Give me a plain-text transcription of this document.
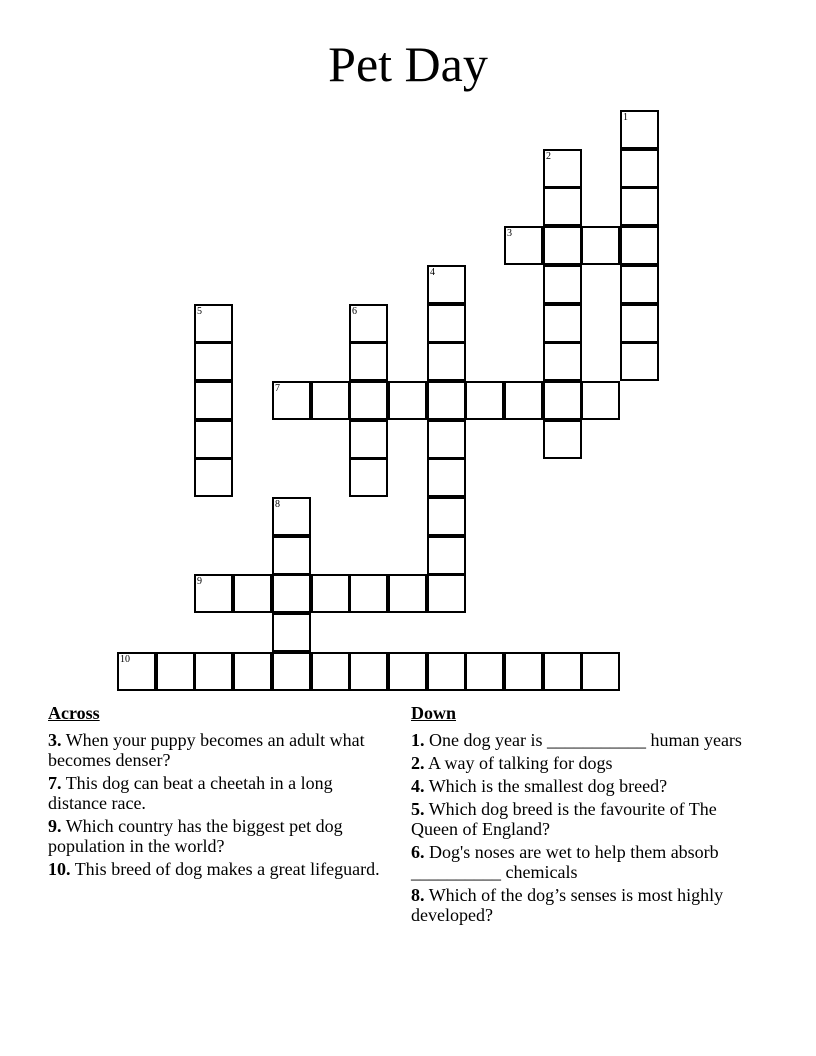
Pet Day
1
2
3
4
5	6
7
8
9
10
Across
3. When your puppy becomes an adult what becomes denser?
7. This dog can beat a cheetah in a long distance race.
9. Which country has the biggest pet dog population in the world?
10. This breed of dog makes a great lifeguard.
Down
1. One dog year is ___________ human years
2. A way of talking for dogs
4. Which is the smallest dog breed?
5. Which dog breed is the favourite of The Queen of England?
6. Dog's noses are wet to help them absorb __________ chemicals
8. Which of the dog’s senses is most highly developed?
